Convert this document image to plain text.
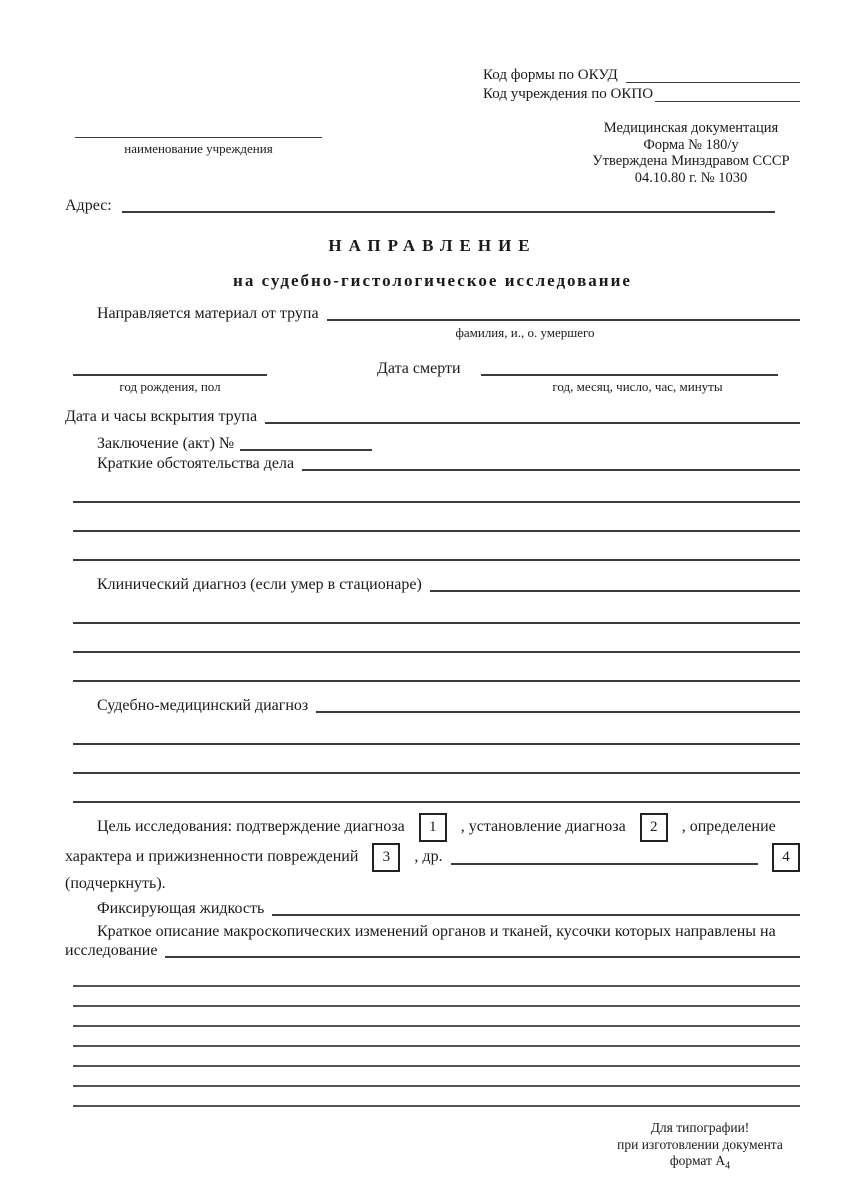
Код формы по ОКУД
Код учреждения по ОКПО
наименование учреждения
Медицинская документация
Форма № 180/у
Утверждена Минздравом СССР
04.10.80 г. № 1030
Адрес:
НАПРАВЛЕНИЕ
на судебно-гистологическое исследование
Направляется материал от трупа
фамилия, и., о. умершего
Дата смерти
год рождения, пол	год, месяц, число, час, минуты
Дата и часы вскрытия трупа
Заключение (акт) №
Краткие обстоятельства дела
Клинический диагноз (если умер в стационаре)
Судебно-медицинский диагноз
Цель исследования: подтверждение диагноза	1	, установление диагноза	2	, определение
характера и прижизненности повреждений	3	, др.	4
(подчеркнуть).
Фиксирующая жидкость
Краткое описание макроскопических изменений органов и тканей, кусочки которых направлены на
исследование
Для типографии!
при изготовлении документа
формат $А_4$
